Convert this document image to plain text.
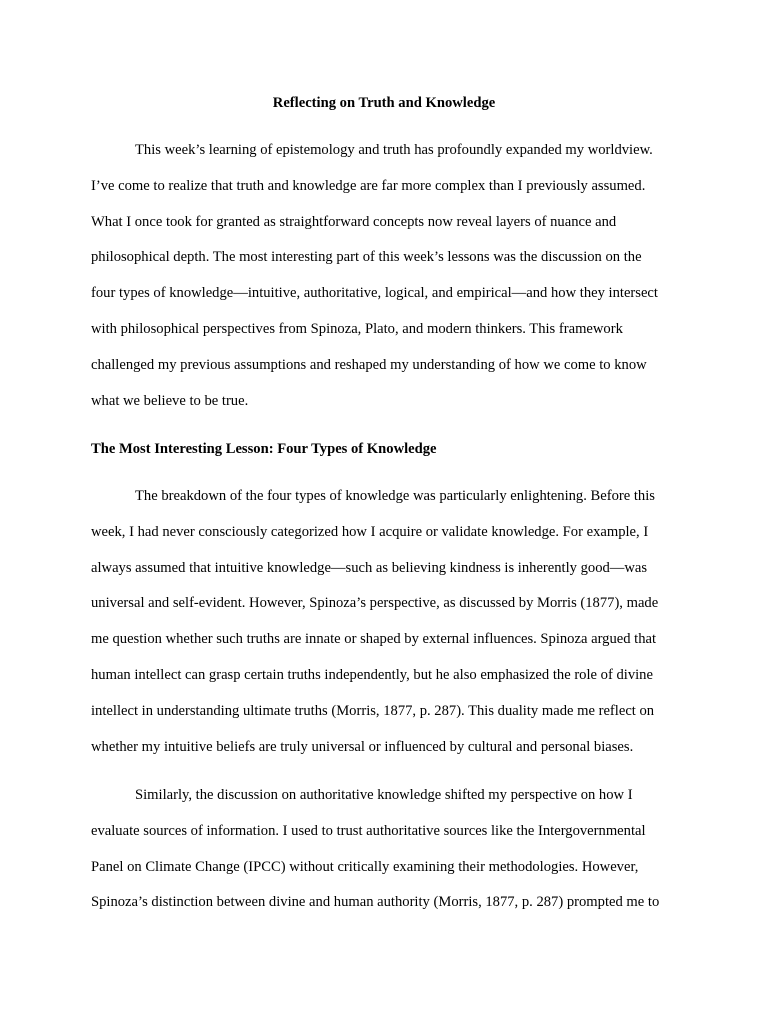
Reflecting on Truth and Knowledge
This week’s learning of epistemology and truth has profoundly expanded my worldview.
I’ve come to realize that truth and knowledge are far more complex than I previously assumed.
What I once took for granted as straightforward concepts now reveal layers of nuance and
philosophical depth. The most interesting part of this week’s lessons was the discussion on the
four types of knowledge—intuitive, authoritative, logical, and empirical—and how they intersect
with philosophical perspectives from Spinoza, Plato, and modern thinkers. This framework
challenged my previous assumptions and reshaped my understanding of how we come to know
what we believe to be true.
The Most Interesting Lesson: Four Types of Knowledge
The breakdown of the four types of knowledge was particularly enlightening. Before this
week, I had never consciously categorized how I acquire or validate knowledge. For example, I
always assumed that intuitive knowledge—such as believing kindness is inherently good—was
universal and self-evident. However, Spinoza’s perspective, as discussed by Morris (1877), made
me question whether such truths are innate or shaped by external influences. Spinoza argued that
human intellect can grasp certain truths independently, but he also emphasized the role of divine
intellect in understanding ultimate truths (Morris, 1877, p. 287). This duality made me reflect on
whether my intuitive beliefs are truly universal or influenced by cultural and personal biases.
Similarly, the discussion on authoritative knowledge shifted my perspective on how I
evaluate sources of information. I used to trust authoritative sources like the Intergovernmental
Panel on Climate Change (IPCC) without critically examining their methodologies. However,
Spinoza’s distinction between divine and human authority (Morris, 1877, p. 287) prompted me to
